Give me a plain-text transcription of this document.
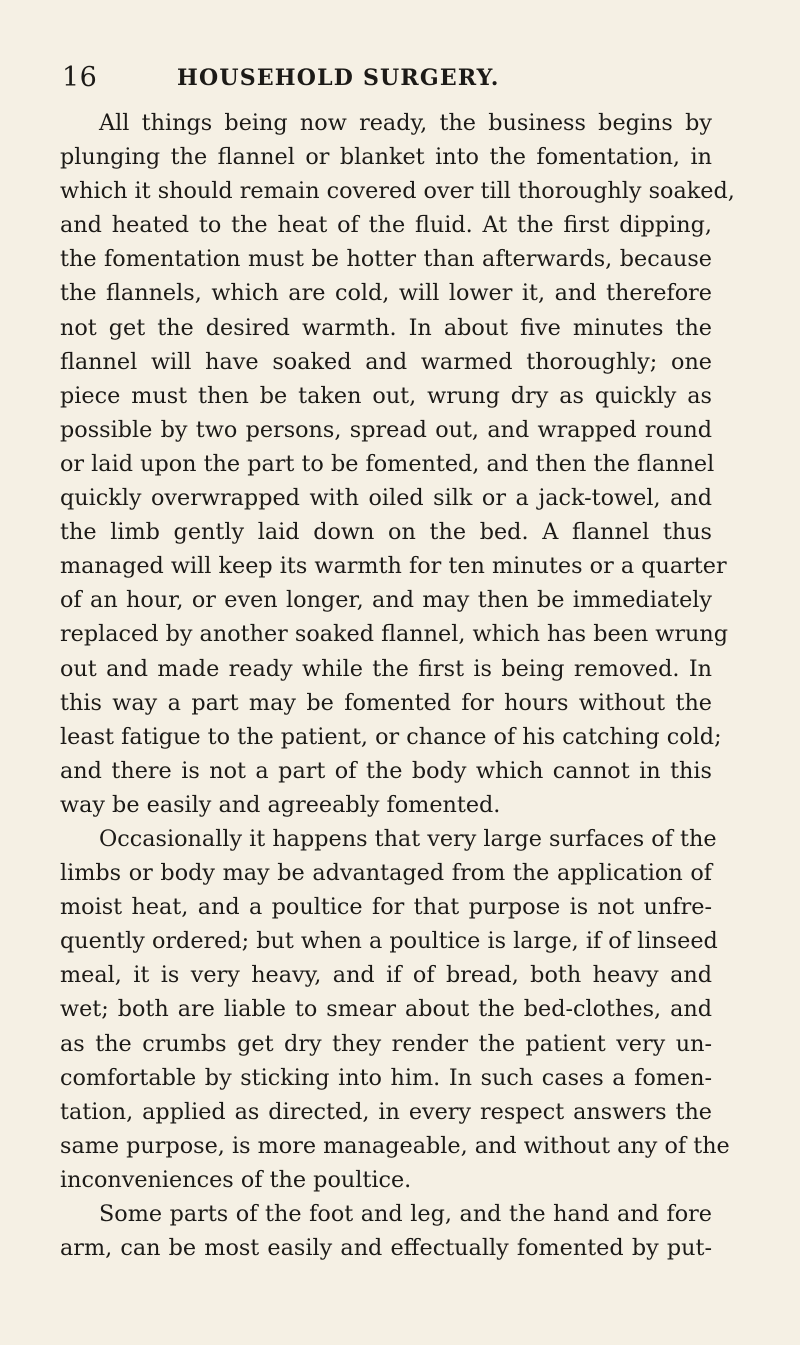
16	HOUSEHOLD SURGERY.
All things being now ready, the business begins by
plunging the flannel or blanket into the fomentation, in
which it should remain covered over till thoroughly soaked,
and heated to the heat of the fluid. At the first dipping,
the fomentation must be hotter than afterwards, because
the flannels, which are cold, will lower it, and therefore
not get the desired warmth. In about five minutes the
flannel will have soaked and warmed thoroughly; one
piece must then be taken out, wrung dry as quickly as
possible by two persons, spread out, and wrapped round
or laid upon the part to be fomented, and then the flannel
quickly overwrapped with oiled silk or a jack-towel, and
the limb gently laid down on the bed. A flannel thus
managed will keep its warmth for ten minutes or a quarter
of an hour, or even longer, and may then be immediately
replaced by another soaked flannel, which has been wrung
out and made ready while the first is being removed. In
this way a part may be fomented for hours without the
least fatigue to the patient, or chance of his catching cold;
and there is not a part of the body which cannot in this
way be easily and agreeably fomented.
Occasionally it happens that very large surfaces of the
limbs or body may be advantaged from the application of
moist heat, and a poultice for that purpose is not unfre-
quently ordered; but when a poultice is large, if of linseed
meal, it is very heavy, and if of bread, both heavy and
wet; both are liable to smear about the bed-clothes, and
as the crumbs get dry they render the patient very un-
comfortable by sticking into him. In such cases a fomen-
tation, applied as directed, in every respect answers the
same purpose, is more manageable, and without any of the
inconveniences of the poultice.
Some parts of the foot and leg, and the hand and fore
arm, can be most easily and effectually fomented by put-
